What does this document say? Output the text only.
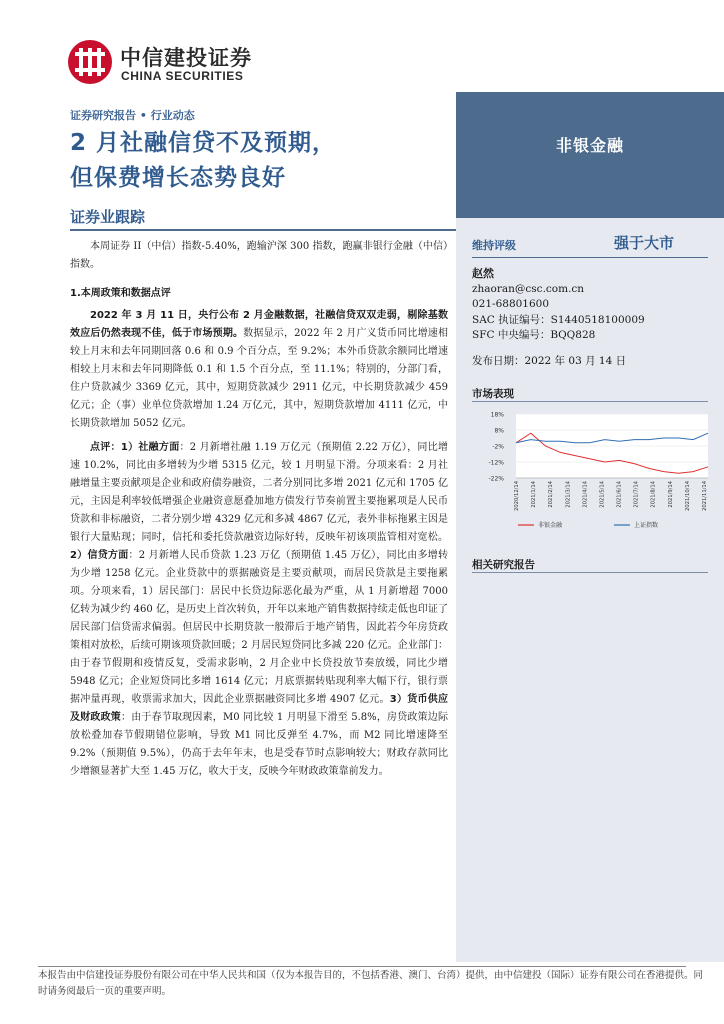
中信建投证券
CHINA SECURITIES
非银金融
证券研究报告 • 行业动态
2 月社融信贷不及预期，
但保费增长态势良好
证券业跟踪

本周证券 II（中信）指数-5.40%，跑输沪深 300 指数，跑赢非银行金融（中信）指数。

1.本周政策和数据点评

2022 年 3 月 11 日，央行公布 2 月金融数据，社融信贷双双走弱，剔除基数效应后仍然表现不佳，低于市场预期。数据显示，2022 年 2 月广义货币同比增速相较上月末和去年同期回落 0.6 和 0.9 个百分点，至 9.2%；本外币贷款余额同比增速相较上月末和去年同期降低 0.1 和 1.5 个百分点，至 11.1%；特别的，分部门看，住户贷款减少 3369 亿元，其中，短期贷款减少 2911 亿元，中长期贷款减少 459 亿元；企（事）业单位贷款增加 1.24 万亿元，其中，短期贷款增加 4111 亿元，中长期贷款增加 5052 亿元。

点评：1）社融方面：2 月新增社融 1.19 万亿元（预期值 2.22 万亿），同比增速 10.2%，同比由多增转为少增 5315 亿元，较 1 月明显下滑。分项来看：2 月社融增量主要贡献项是企业和政府债券融资，二者分别同比多增 2021 亿元和 1705 亿元，主因是利率较低增强企业融资意愿叠加地方债发行节奏前置主要拖累项是人民币贷款和非标融资，二者分别少增 4329 亿元和多减 4867 亿元，表外非标拖累主因是银行大量贴现；同时，信托和委托贷款融资边际好转，反映年初该项监管相对宽松。2）信贷方面：2 月新增人民币贷款 1.23 万亿（预期值 1.45 万亿），同比由多增转为少增 1258 亿元。企业贷款中的票据融资是主要贡献项，而居民贷款是主要拖累项。分项来看，1）居民部门：居民中长贷边际恶化最为严重，从 1 月新增超 7000 亿转为减少约 460 亿，是历史上首次转负，开年以来地产销售数据持续走低也印证了居民部门信贷需求偏弱。但居民中长期贷款一般滞后于地产销售，因此若今年房贷政策相对放松，后续可期该项贷款回暖；2 月居民短贷同比多减 220 亿元。企业部门：由于春节假期和疫情反复，受需求影响，2 月企业中长贷投放节奏放缓，同比少增 5948 亿元；企业短贷同比多增 1614 亿元；月底票据转贴现利率大幅下行，银行票据冲量再现，收票需求加大，因此企业票据融资同比多增 4907 亿元。3）货币供应及财政政策：由于春节取现因素，M0 同比较 1 月明显下滑至 5.8%，房贷政策边际放松叠加春节假期错位影响，导致 M1 同比反弹至 4.7%，而 M2 同比增速降至 9.2%（预期值 9.5%），仍高于去年年末，也是受春节时点影响较大；财政存款同比少增额显著扩大至 1.45 万亿，收大于支，反映今年财政政策靠前发力。

维持评级	强于大市
赵然
zhaoran@csc.com.cn
021-68801600
SAC 执证编号：S1440518100009
SFC 中央编号：BQQ828
发布日期：2022 年 03 月 14 日
市场表现
18%
8%
-2%
-12%
-22%
2020/12/14 2021/1/14 2021/2/14 2021/3/14 2021/4/14 2021/5/14 2021/6/14 2021/7/14 2021/8/14 2021/9/14 2021/10/14 2021/11/14
非银金融	上证指数
相关研究报告
本报告由中信建投证券股份有限公司在中华人民共和国（仅为本报告目的，不包括香港、澳门、台湾）提供，由中信建投（国际）证券有限公司在香港提供。同时请务阅最后一页的重要声明。
